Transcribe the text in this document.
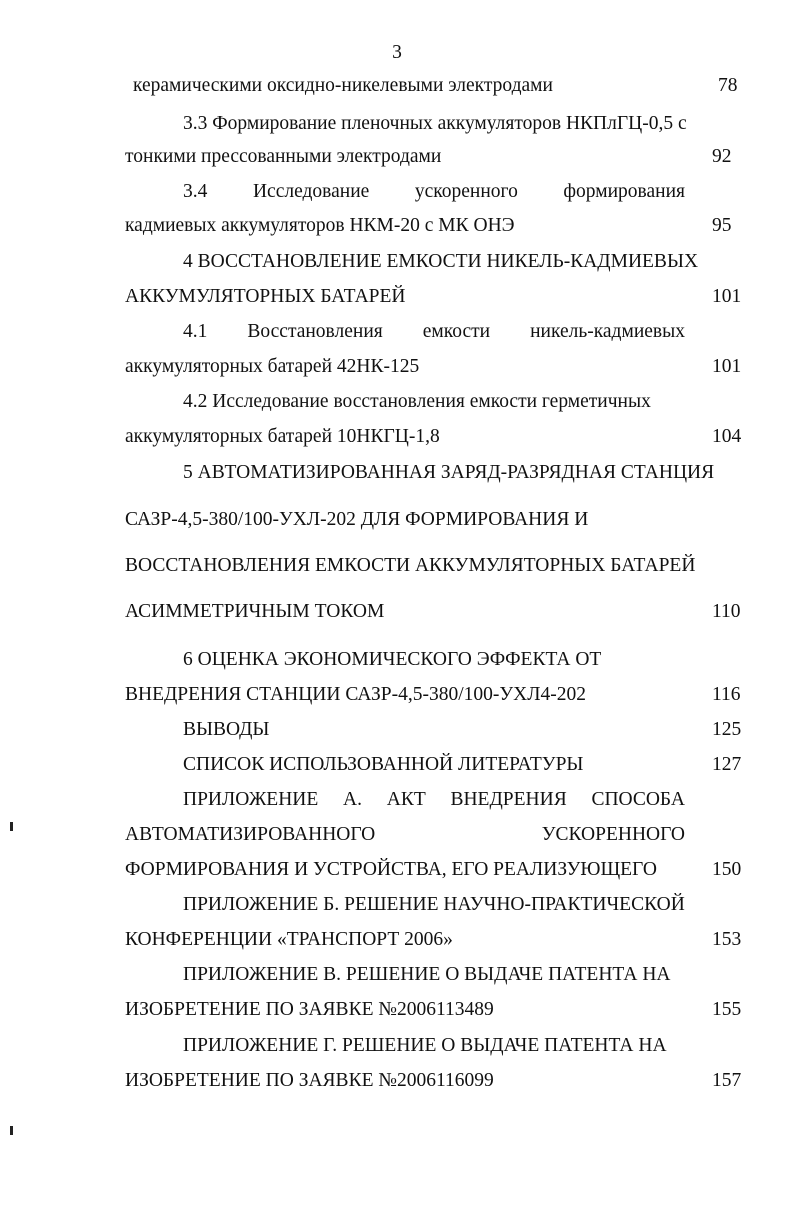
3
керамическими оксидно-никелевыми электродами	78
3.3 Формирование пленочных аккумуляторов НКПлГЦ-0,5 с
тонкими прессованными электродами	92
3.4 Исследование ускоренного формирования
кадмиевых аккумуляторов НКМ-20 с МК ОНЭ	95
4 ВОССТАНОВЛЕНИЕ ЕМКОСТИ НИКЕЛЬ-КАДМИЕВЫХ
АККУМУЛЯТОРНЫХ БАТАРЕЙ	101
4.1 Восстановления емкости никель-кадмиевых
аккумуляторных батарей 42НК-125	101
4.2 Исследование восстановления емкости герметичных
аккумуляторных батарей 10НКГЦ-1,8	104
5 АВТОМАТИЗИРОВАННАЯ ЗАРЯД-РАЗРЯДНАЯ СТАНЦИЯ
САЗР-4,5-380/100-УХЛ-202 ДЛЯ ФОРМИРОВАНИЯ И
ВОССТАНОВЛЕНИЯ ЕМКОСТИ АККУМУЛЯТОРНЫХ БАТАРЕЙ
АСИММЕТРИЧНЫМ ТОКОМ	110
6 ОЦЕНКА ЭКОНОМИЧЕСКОГО ЭФФЕКТА ОТ
ВНЕДРЕНИЯ СТАНЦИИ САЗР-4,5-380/100-УХЛ4-202	116
ВЫВОДЫ	125
СПИСОК ИСПОЛЬЗОВАННОЙ ЛИТЕРАТУРЫ	127
ПРИЛОЖЕНИЕ А. АКТ ВНЕДРЕНИЯ СПОСОБА
АВТОМАТИЗИРОВАННОГО	УСКОРЕННОГО
ФОРМИРОВАНИЯ И УСТРОЙСТВА, ЕГО РЕАЛИЗУЮЩЕГО	150
ПРИЛОЖЕНИЕ Б. РЕШЕНИЕ НАУЧНО-ПРАКТИЧЕСКОЙ
КОНФЕРЕНЦИИ «ТРАНСПОРТ 2006»	153
ПРИЛОЖЕНИЕ В. РЕШЕНИЕ О ВЫДАЧЕ ПАТЕНТА НА
ИЗОБРЕТЕНИЕ ПО ЗАЯВКЕ №2006113489	155
ПРИЛОЖЕНИЕ Г. РЕШЕНИЕ О ВЫДАЧЕ ПАТЕНТА НА
ИЗОБРЕТЕНИЕ ПО ЗАЯВКЕ №2006116099	157
